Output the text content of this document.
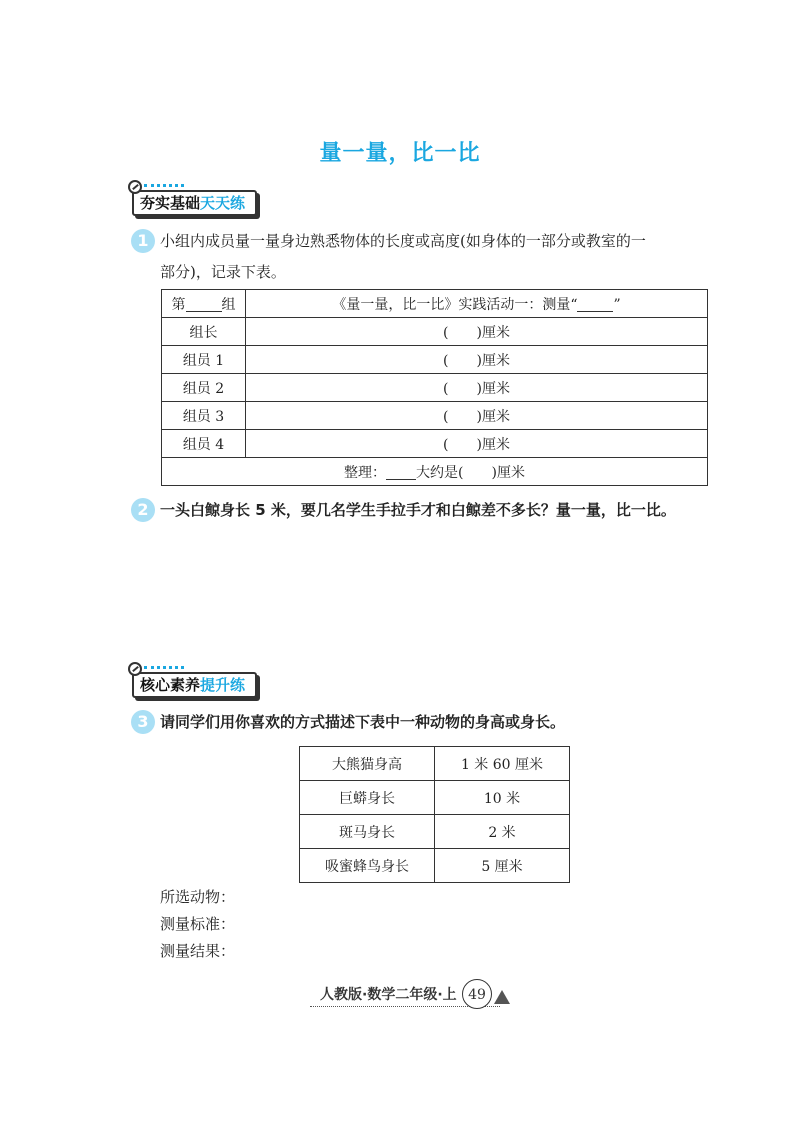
量一量，比一比
夯实基础天天练
1 小组内成员量一量身边熟悉物体的长度或高度(如身体的一部分或教室的一
部分)，记录下表。
第 组	《量一量，比一比》实践活动一：测量“ ”
组长	(　　)厘米
组员 1	(　　)厘米
组员 2	(　　)厘米
组员 3	(　　)厘米
组员 4	(　　)厘米
整理： 大约是(　　)厘米	
2 一头白鲸身长 5 米，要几名学生手拉手才和白鲸差不多长？量一量，比一比。
核心素养提升练
3 请同学们用你喜欢的方式描述下表中一种动物的身高或身长。
大熊猫身高	1 米 60 厘米
巨蟒身长	10 米
斑马身长	2 米
吸蜜蜂鸟身长	5 厘米
所选动物：
测量标准：
测量结果：
人教版·数学二年级·上 49
